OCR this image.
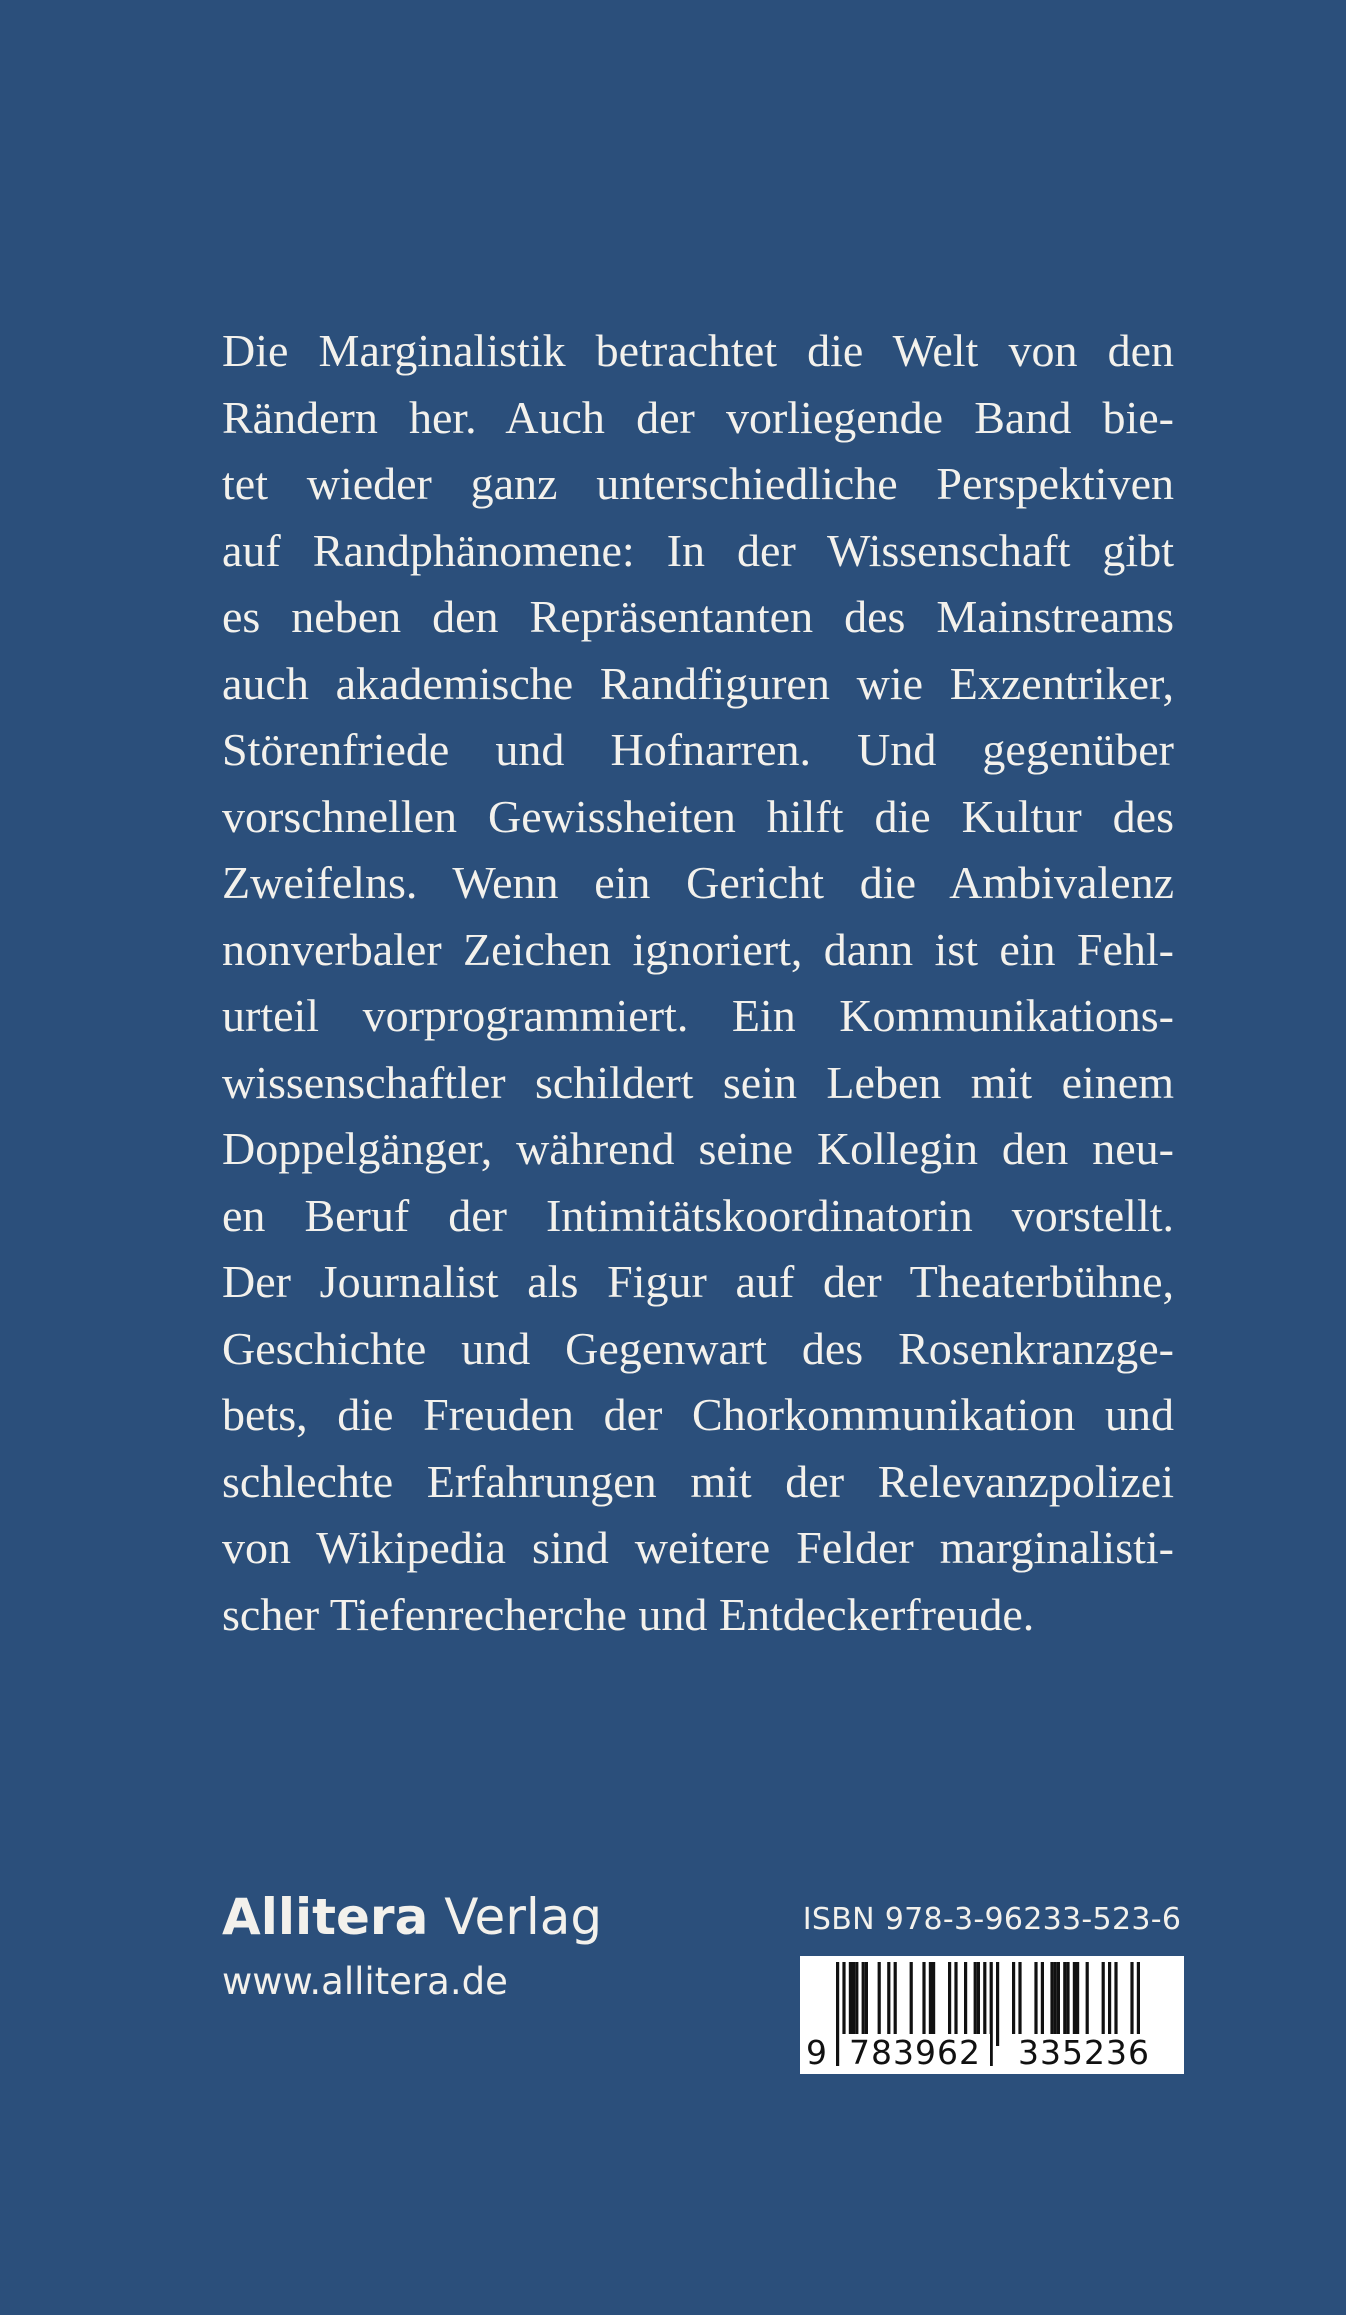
Die Marginalistik betrachtet die Welt von den
Rändern her. Auch der vorliegende Band bie-
tet wieder ganz unterschiedliche Perspektiven
auf Randphänomene: In der Wissenschaft gibt
es neben den Repräsentanten des Mainstreams
auch akademische Randfiguren wie Exzentriker,
Störenfriede und Hofnarren. Und gegenüber
vorschnellen Gewissheiten hilft die Kultur des
Zweifelns. Wenn ein Gericht die Ambivalenz
nonverbaler Zeichen ignoriert, dann ist ein Fehl-
urteil vorprogrammiert. Ein Kommunikations-
wissenschaftler schildert sein Leben mit einem
Doppelgänger, während seine Kollegin den neu-
en Beruf der Intimitätskoordinatorin vorstellt.
Der Journalist als Figur auf der Theaterbühne,
Geschichte und Gegenwart des Rosenkranzge-
bets, die Freuden der Chorkommunikation und
schlechte Erfahrungen mit der Relevanzpolizei
von Wikipedia sind weitere Felder marginalisti-
scher Tiefenrecherche und Entdeckerfreude.
Allitera Verlag
www.allitera.de
ISBN 978-3-96233-523-6
9 783962	335236
